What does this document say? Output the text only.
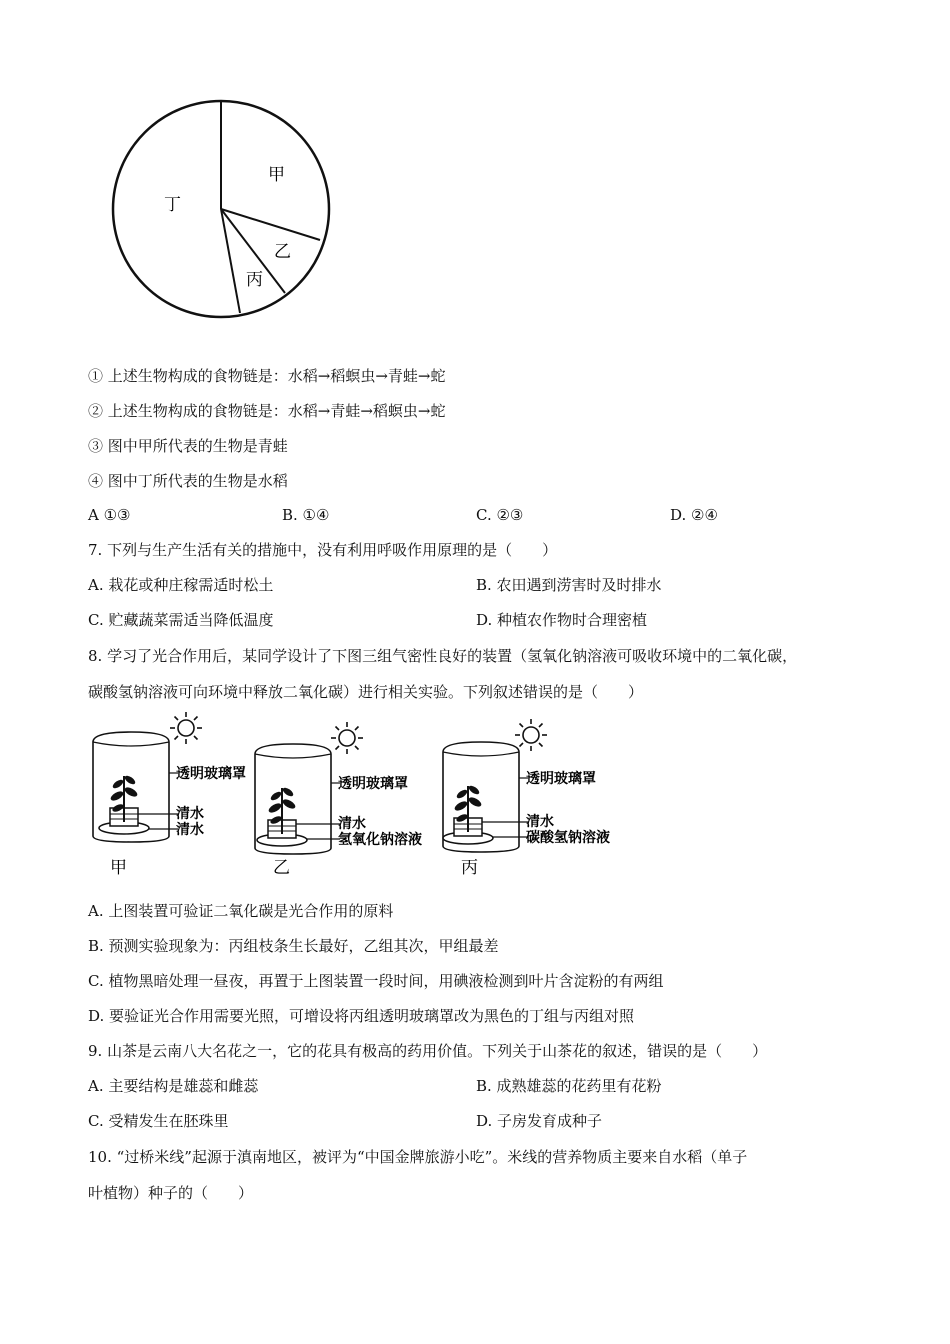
甲
乙
丙
丁
① 上述生物构成的食物链是：水稻→稻螟虫→青蛙→蛇
② 上述生物构成的食物链是：水稻→青蛙→稻螟虫→蛇
③ 图中甲所代表的生物是青蛙
④ 图中丁所代表的生物是水稻
A ①③	B. ①④	C. ②③	D. ②④
7. 下列与生产生活有关的措施中，没有利用呼吸作用原理的是（　　）
A. 栽花或种庄稼需适时松土	B. 农田遇到涝害时及时排水
C. 贮藏蔬菜需适当降低温度	D. 种植农作物时合理密植
8. 学习了光合作用后，某同学设计了下图三组气密性良好的装置（氢氧化钠溶液可吸收环境中的二氧化碳，
碳酸氢钠溶液可向环境中释放二氧化碳）进行相关实验。下列叙述错误的是（　　）
透明玻璃罩
清水
清水
甲
透明玻璃罩
清水
氢氧化钠溶液
乙
透明玻璃罩
清水
碳酸氢钠溶液
丙
A. 上图装置可验证二氧化碳是光合作用的原料
B. 预测实验现象为：丙组枝条生长最好，乙组其次，甲组最差
C. 植物黑暗处理一昼夜，再置于上图装置一段时间，用碘液检测到叶片含淀粉的有两组
D. 要验证光合作用需要光照，可增设将丙组透明玻璃罩改为黑色的丁组与丙组对照
9. 山茶是云南八大名花之一，它的花具有极高的药用价值。下列关于山茶花的叙述，错误的是（　　）
A. 主要结构是雄蕊和雌蕊	B. 成熟雄蕊的花药里有花粉
C. 受精发生在胚珠里	D. 子房发育成种子
10. “过桥米线”起源于滇南地区，被评为“中国金牌旅游小吃”。米线的营养物质主要来自水稻（单子
叶植物）种子的（　　）
